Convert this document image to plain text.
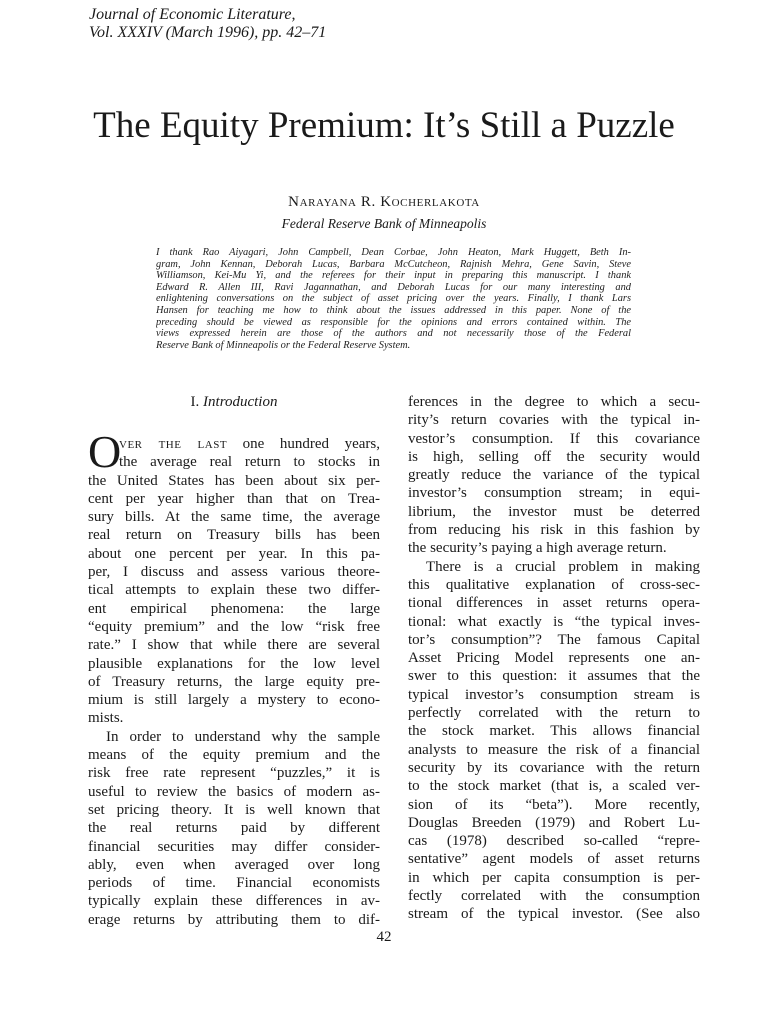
Journal of Economic Literature,
Vol. XXXIV (March 1996), pp. 42–71
The Equity Premium: It’s Still a Puzzle
Narayana R. Kocherlakota
Federal Reserve Bank of Minneapolis
I thank Rao Aiyagari, John Campbell, Dean Corbae, John Heaton, Mark Huggett, Beth In-
gram, John Kennan, Deborah Lucas, Barbara McCutcheon, Rajnish Mehra, Gene Savin, Steve
Williamson, Kei-Mu Yi, and the referees for their input in preparing this manuscript. I thank
Edward R. Allen III, Ravi Jagannathan, and Deborah Lucas for our many interesting and
enlightening conversations on the subject of asset pricing over the years. Finally, I thank Lars
Hansen for teaching me how to think about the issues addressed in this paper. None of the
preceding should be viewed as responsible for the opinions and errors contained within. The
views expressed herein are those of the authors and not necessarily those of the Federal
Reserve Bank of Minneapolis or the Federal Reserve System.
I. Introduction
O
ver the last one hundred years,
the average real return to stocks in
the United States has been about six per-
cent per year higher than that on Trea-
sury bills. At the same time, the average
real return on Treasury bills has been
about one percent per year. In this pa-
per, I discuss and assess various theore-
tical attempts to explain these two differ-
ent empirical phenomena: the large
“equity premium” and the low “risk free
rate.” I show that while there are several
plausible explanations for the low level
of Treasury returns, the large equity pre-
mium is still largely a mystery to econo-
mists.
In order to understand why the sample
means of the equity premium and the
risk free rate represent “puzzles,” it is
useful to review the basics of modern as-
set pricing theory. It is well known that
the real returns paid by different
financial securities may differ consider-
ably, even when averaged over long
periods of time. Financial economists
typically explain these differences in av-
erage returns by attributing them to dif-
ferences in the degree to which a secu-
rity’s return covaries with the typical in-
vestor’s consumption. If this covariance
is high, selling off the security would
greatly reduce the variance of the typical
investor’s consumption stream; in equi-
librium, the investor must be deterred
from reducing his risk in this fashion by
the security’s paying a high average return.
There is a crucial problem in making
this qualitative explanation of cross-sec-
tional differences in asset returns opera-
tional: what exactly is “the typical inves-
tor’s consumption”? The famous Capital
Asset Pricing Model represents one an-
swer to this question: it assumes that the
typical investor’s consumption stream is
perfectly correlated with the return to
the stock market. This allows financial
analysts to measure the risk of a financial
security by its covariance with the return
to the stock market (that is, a scaled ver-
sion of its “beta”). More recently,
Douglas Breeden (1979) and Robert Lu-
cas (1978) described so-called “repre-
sentative” agent models of asset returns
in which per capita consumption is per-
fectly correlated with the consumption
stream of the typical investor. (See also
42
